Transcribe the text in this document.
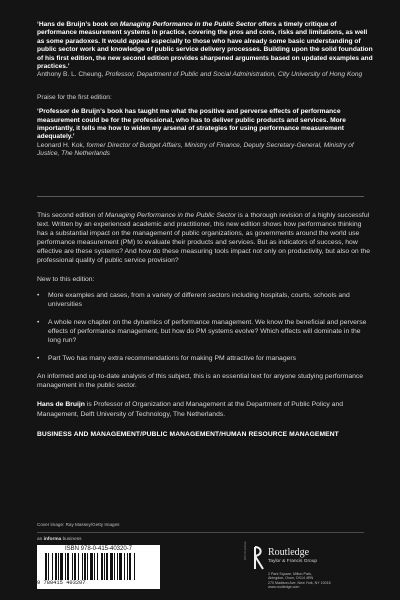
‘Hans de Bruijn’s book on Managing Performance in the Public Sector offers a timely critique of performance measurement systems in practice, covering the pros and cons, risks and limitations, as well as some paradoxes. It would appeal especially to those who have already some basic understanding of public sector work and knowledge of public service delivery processes. Building upon the solid foundation of his first edition, the new second edition provides sharpened arguments based on updated examples and practices.’
Anthony B. L. Cheung, Professor, Department of Public and Social Administration, City University of Hong Kong
Praise for the first edition:
‘Professor de Bruijn’s book has taught me what the positive and perverse effects of performance measurement could be for the professional, who has to deliver public products and services. More importantly, it tells me how to widen my arsenal of strategies for using performance measurement adequately.’
Leonard H. Kok, former Director of Budget Affairs, Ministry of Finance, Deputy Secretary-General, Ministry of Justice, The Netherlands

This second edition of Managing Performance in the Public Sector is a thorough revision of a highly successful text. Written by an experienced academic and practitioner, this new edition shows how performance thinking has a substantial impact on the management of public organizations, as governments around the world use performance measurement (PM) to evaluate their products and services. But as indicators of success, how effective are these systems? And how do these measuring tools impact not only on productivity, but also on the professional quality of public service provision?

New to this edition:

• More examples and cases, from a variety of different sectors including hospitals, courts, schools and universities
• A whole new chapter on the dynamics of performance management. We know the beneficial and perverse effects of performance management, but how do PM systems evolve? Which effects will dominate in the long run?
• Part Two has many extra recommendations for making PM attractive for managers

An informed and up-to-date analysis of this subject, this is an essential text for anyone studying performance management in the public sector.

Hans de Bruijn is Professor of Organization and Management at the Department of Public Policy and Management, Delft University of Technology, The Netherlands.

BUSINESS AND MANAGEMENT/PUBLIC MANAGEMENT/HUMAN RESOURCE MANAGEMENT

Cover image: Ray Massey/Getty Images
an informa business
ISBN 978-0-415-40320-7
9 780415 403207
ROUTLEDGE Routledge
Taylor & Francis Group
2 Park Square, Milton Park,
Abingdon, Oxon, OX14 4RN
270 Madison Ave, New York, NY 10016
www.routledge.com
